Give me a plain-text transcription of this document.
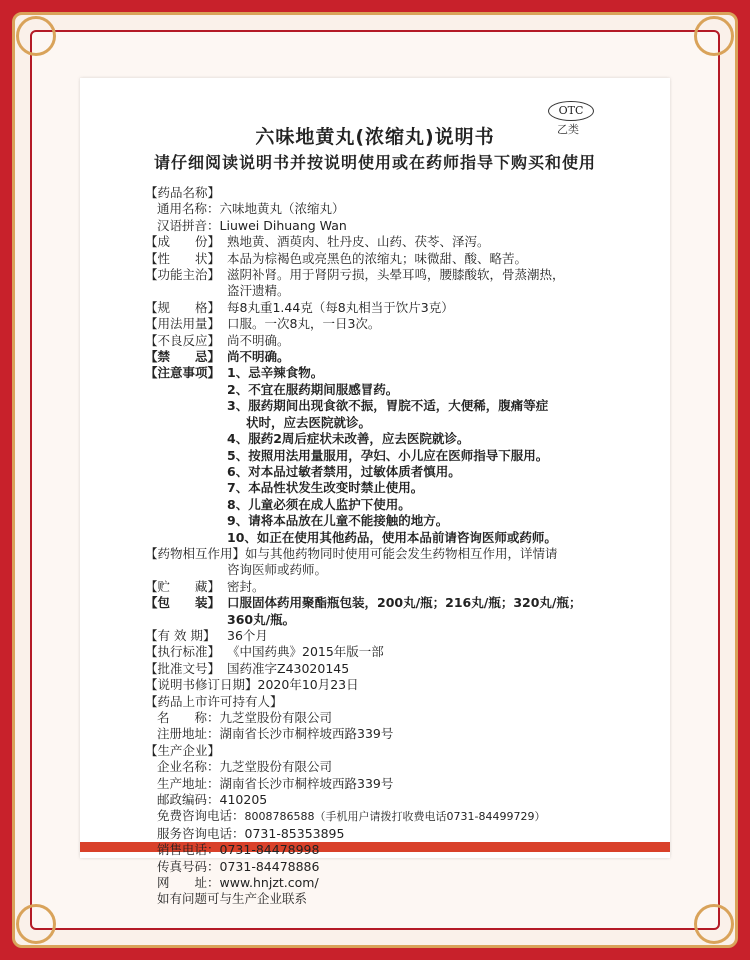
OTC
乙类
六味地黄丸(浓缩丸)说明书
请仔细阅读说明书并按说明使用或在药师指导下购买和使用
【药品名称】
通用名称：六味地黄丸（浓缩丸）
汉语拼音：Liuwei Dihuang Wan
【成　　份】 熟地黄、酒萸肉、牡丹皮、山药、茯苓、泽泻。
【性　　状】 本品为棕褐色或亮黑色的浓缩丸；味微甜、酸、略苦。
【功能主治】 滋阴补肾。用于肾阴亏损，头晕耳鸣，腰膝酸软，骨蒸潮热，
盗汗遗精。
【规　　格】 每8丸重1.44克（每8丸相当于饮片3克）
【用法用量】 口服。一次8丸，一日3次。
【不良反应】 尚不明确。
【禁　　忌】 尚不明确。
【注意事项】 1、忌辛辣食物。
2、不宜在服药期间服感冒药。
3、服药期间出现食欲不振，胃脘不适，大便稀，腹痛等症
状时，应去医院就诊。
4、服药2周后症状未改善，应去医院就诊。
5、按照用法用量服用，孕妇、小儿应在医师指导下服用。
6、对本品过敏者禁用，过敏体质者慎用。
7、本品性状发生改变时禁止使用。
8、儿童必须在成人监护下使用。
9、请将本品放在儿童不能接触的地方。
10、如正在使用其他药品，使用本品前请咨询医师或药师。
【药物相互作用】 如与其他药物同时使用可能会发生药物相互作用，详情请
咨询医师或药师。
【贮　　藏】 密封。
【包　　装】 口服固体药用聚酯瓶包装，200丸/瓶；216丸/瓶；320丸/瓶；
360丸/瓶。
【有 效 期】 36个月
【执行标准】 《中国药典》2015年版一部
【批准文号】 国药准字Z43020145
【说明书修订日期】 2020年10月23日
【药品上市许可持有人】
名　　称：九芝堂股份有限公司
注册地址：湖南省长沙市桐梓坡西路339号
【生产企业】
企业名称：九芝堂股份有限公司
生产地址：湖南省长沙市桐梓坡西路339号
邮政编码：410205
免费咨询电话：8008786588（手机用户请拨打收费电话0731-84499729）
服务咨询电话：0731-85353895
销售电话：0731-84478998
传真号码：0731-84478886
网　　址：www.hnjzt.com/
如有问题可与生产企业联系
